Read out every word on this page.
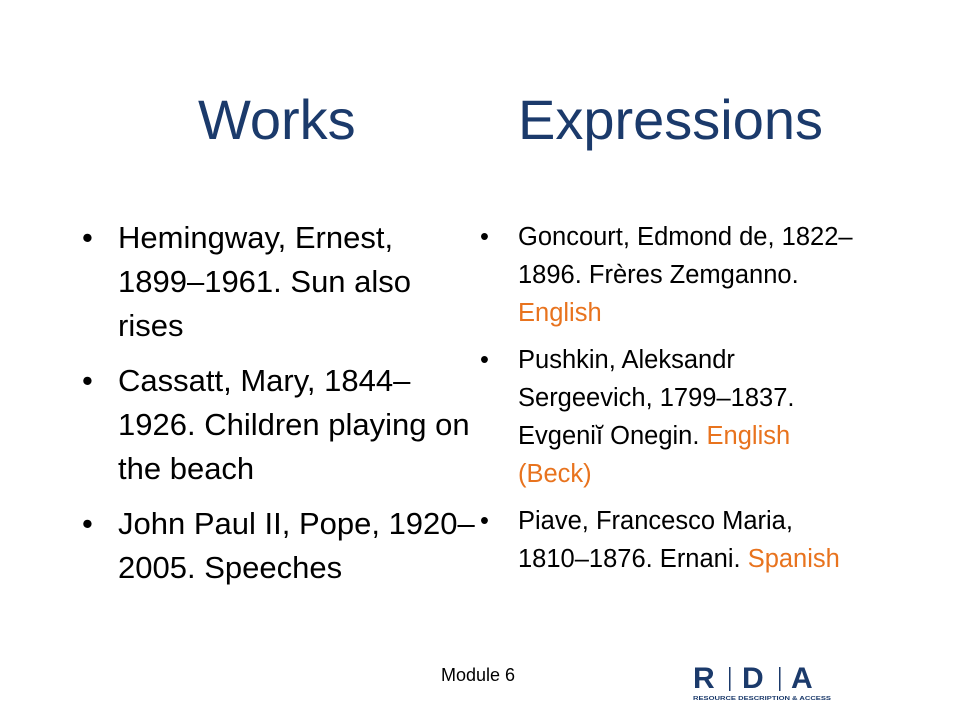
Works	Expressions
• Hemingway, Ernest, 1899–1961. Sun also rises
• Cassatt, Mary, 1844–1926. Children playing on the beach
• John Paul II, Pope, 1920–2005. Speeches
• Goncourt, Edmond de, 1822–1896. Frères Zemganno. English
• Pushkin, Aleksandr Sergeevich, 1799–1837. Evgeniĭ Onegin. English (Beck)
• Piave, Francesco Maria, 1810–1876. Ernani. Spanish
Module 6	R D A
RESOURCE DESCRIPTION & ACCESS
